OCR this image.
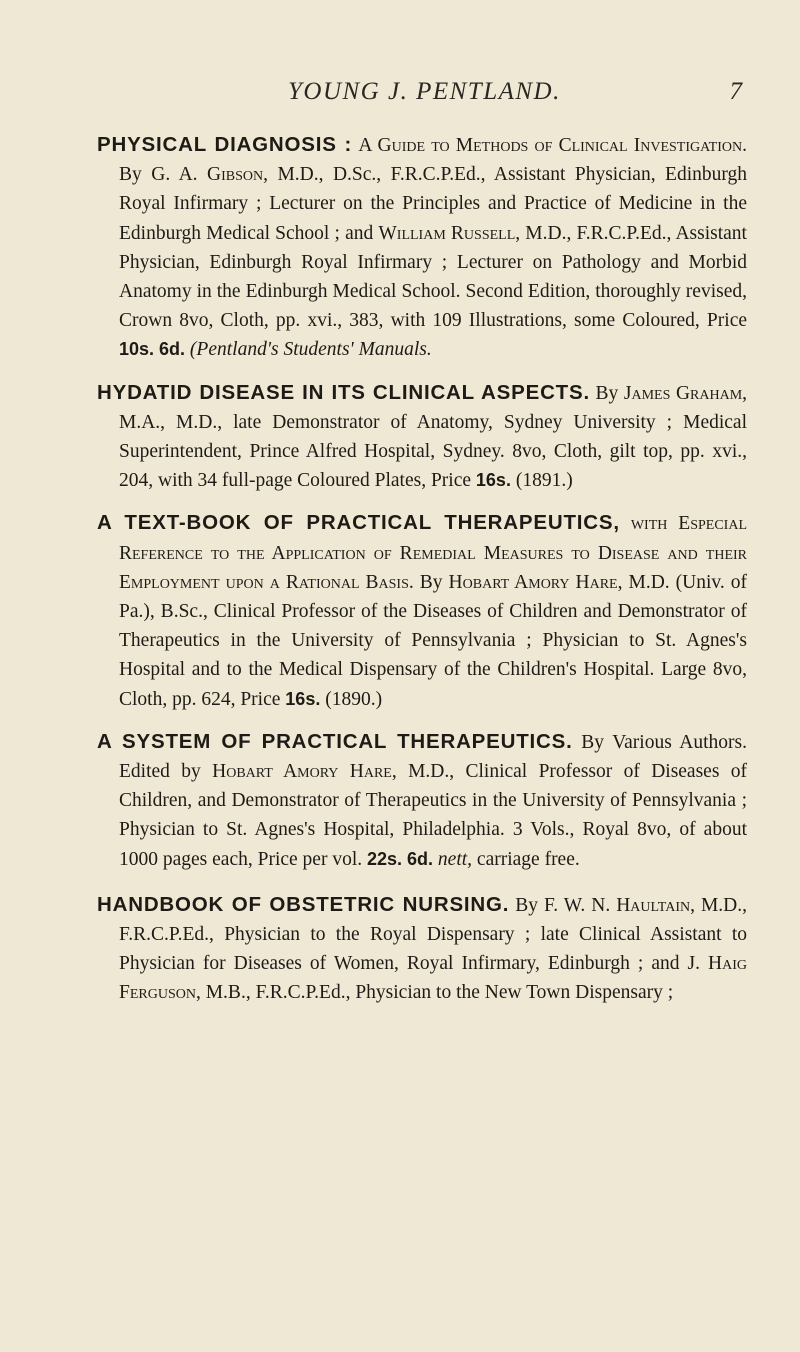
YOUNG J. PENTLAND.	7

PHYSICAL DIAGNOSIS : A Guide to Methods of Clinical Investigation. By G. A. Gibson, M.D., D.Sc., F.R.C.P.Ed., Assistant Physician, Edinburgh Royal Infirmary ; Lecturer on the Principles and Practice of Medicine in the Edinburgh Medical School ; and William Russell, M.D., F.R.C.P.Ed., Assistant Physician, Edinburgh Royal Infirmary ; Lecturer on Pathology and Morbid Anatomy in the Edinburgh Medical School. Second Edition, thoroughly revised, Crown 8vo, Cloth, pp. xvi., 383, with 109 Illustrations, some Coloured, Price 10s. 6d. (Pentland's Students' Manuals.

HYDATID DISEASE IN ITS CLINICAL ASPECTS. By James Graham, M.A., M.D., late Demonstrator of Anatomy, Sydney University ; Medical Superintendent, Prince Alfred Hospital, Sydney. 8vo, Cloth, gilt top, pp. xvi., 204, with 34 full-page Coloured Plates, Price 16s. (1891.)

A TEXT-BOOK OF PRACTICAL THERAPEUTICS, with Especial Reference to the Application of Remedial Measures to Disease and their Employment upon a Rational Basis. By Hobart Amory Hare, M.D. (Univ. of Pa.), B.Sc., Clinical Professor of the Diseases of Children and Demonstrator of Therapeutics in the University of Pennsylvania ; Physician to St. Agnes's Hospital and to the Medical Dispensary of the Children's Hospital. Large 8vo, Cloth, pp. 624, Price 16s. (1890.)

A SYSTEM OF PRACTICAL THERAPEUTICS. By Various Authors. Edited by Hobart Amory Hare, M.D., Clinical Professor of Diseases of Children, and Demonstrator of Therapeutics in the University of Pennsylvania ; Physician to St. Agnes's Hospital, Philadelphia. 3 Vols., Royal 8vo, of about 1000 pages each, Price per vol. 22s. 6d. nett, carriage free.

HANDBOOK OF OBSTETRIC NURSING. By F. W. N. Haultain, M.D., F.R.C.P.Ed., Physician to the Royal Dispensary ; late Clinical Assistant to Physician for Diseases of Women, Royal Infirmary, Edinburgh ; and J. Haig Ferguson, M.B., F.R.C.P.Ed., Physician to the New Town Dispensary ;
